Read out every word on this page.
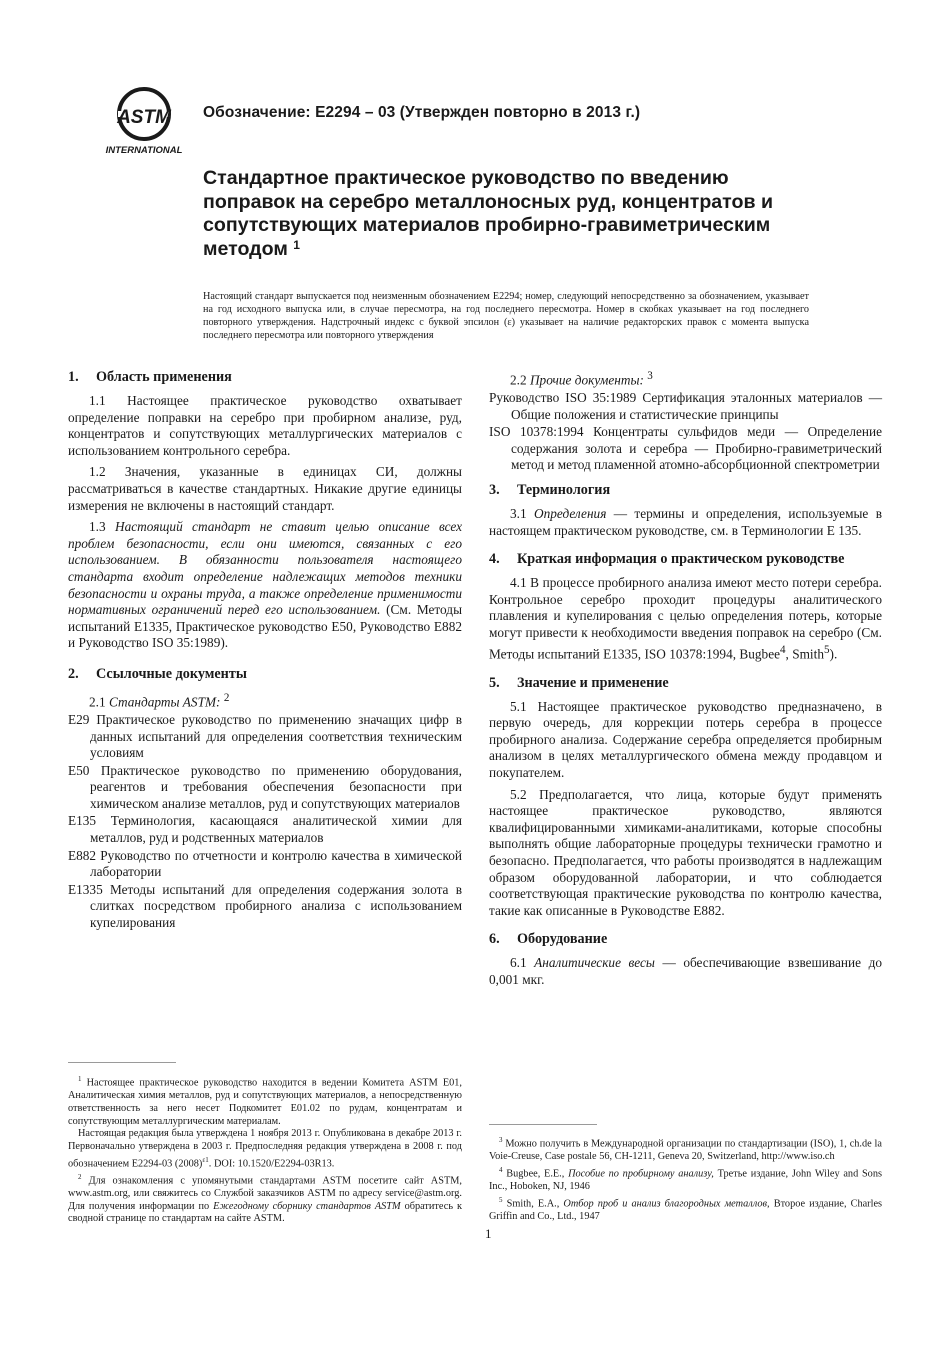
ASTM
INTERNATIONAL
Обозначение: E2294 – 03 (Утвержден повторно в 2013 г.)
Стандартное практическое руководство по введению поправок на серебро металлоносных руд, концентратов и сопутствующих материалов пробирно-гравиметрическим методом $^1$
Настоящий стандарт выпускается под неизменным обозначением E2294; номер, следующий непосредственно за обозначением, указывает на год исходного выпуска или, в случае пересмотра, на год последнего пересмотра. Номер в скобках указывает на год последнего повторного утверждения. Надстрочный индекс с буквой эпсилон (ε) указывает на наличие редакторских правок с момента выпуска последнего пересмотра или повторного утверждения
1.	Область применения

1.1 Настоящее практическое руководство охватывает определение поправки на серебро при пробирном анализе, руд, концентратов и сопутствующих металлургических материалов с использованием контрольного серебра.

1.2 Значения, указанные в единицах СИ, должны рассматриваться в качестве стандартных. Никакие другие единицы измерения не включены в настоящий стандарт.

1.3 Настоящий стандарт не ставит целью описание всех проблем безопасности, если они имеются, связанных с его использованием. В обязанности пользователя настоящего стандарта входит определение надлежащих методов техники безопасности и охраны труда, а также определение применимости нормативных ограничений перед его использованием. (См. Методы испытаний E1335, Практическое руководство E50, Руководство E882 и Руководство ISO 35:1989).

2.	Ссылочные документы

2.1 Стандарты ASTM: $^2$

E29 Практическое руководство по применению значащих цифр в данных испытаний для определения соответствия техническим условиям

E50 Практическое руководство по применению оборудования, реагентов и требования обеспечения безопасности при химическом анализе металлов, руд и сопутствующих материалов

E135 Терминология, касающаяся аналитической химии для металлов, руд и родственных материалов

E882 Руководство по отчетности и контролю качества в химической лаборатории

E1335 Методы испытаний для определения содержания золота в слитках посредством пробирного анализа с использованием купелирования

$^1$ Настоящее практическое руководство находится в ведении Комитета ASTM E01, Аналитическая химия металлов, руд и сопутствующих материалов, а непосредственную ответственность за него несет Подкомитет E01.02 по рудам, концентратам и сопутствующим металлургическим материалам.

Настоящая редакция была утверждена 1 ноября 2013 г. Опубликована в декабре 2013 г. Первоначально утверждена в 2003 г. Предпоследняя редакция утверждена в 2008 г. под обозначением E2294-03 $(2008)^{\varepsilon 1}$. DOI: 10.1520/E2294-03R13.

$^2$ Для ознакомления с упомянутыми стандартами ASTM посетите сайт ASTM, www.astm.org, или свяжитесь со Службой заказчиков ASTM по адресу service@astm.org. Для получения информации по Ежегодному сборнику стандартов ASTM обратитесь к сводной странице по стандартам на сайте ASTM.

2.2 Прочие документы: $^3$

Руководство ISO 35:1989 Сертификация эталонных материалов — Общие положения и статистические принципы

ISO 10378:1994 Концентраты сульфидов меди — Определение содержания золота и серебра — Пробирно-гравиметрический метод и метод пламенной атомно-абсорбционной спектрометрии

3.	Терминология

3.1 Определения — термины и определения, используемые в настоящем практическом руководстве, см. в Терминологии E 135.

4.	Краткая информация о практическом руководстве

4.1 В процессе пробирного анализа имеют место потери серебра. Контрольное серебро проходит процедуры аналитического плавления и купелирования с целью определения потерь, которые могут привести к необходимости введения поправок на серебро (См. Методы испытаний E1335, ISO 10378:1994, Bugbee$^4$, Smith$^5$).

5.	Значение и применение

5.1 Настоящее практическое руководство предназначено, в первую очередь, для коррекции потерь серебра в процессе пробирного анализа. Содержание серебра определяется пробирным анализом в целях металлургического обмена между продавцом и покупателем.

5.2 Предполагается, что лица, которые будут применять настоящее практическое руководство, являются квалифицированными химиками-аналитиками, которые способны выполнять общие лабораторные процедуры технически грамотно и безопасно. Предполагается, что работы производятся в надлежащим образом оборудованной лаборатории, и что соблюдается соответствующая практические руководства по контролю качества, такие как описанные в Руководстве E882.

6.	Оборудование

6.1 Аналитические весы — обеспечивающие взвешивание до 0,001 мкг.

$^3$ Можно получить в Международной организации по стандартизации (ISO), 1, ch.de la Voie-Creuse, Case postale 56, CH-1211, Geneva 20, Switzerland, http://www.iso.ch

$^4$ Bugbee, E.E., Пособие по пробирному анализу, Третье издание, John Wiley and Sons Inc., Hoboken, NJ, 1946

$^5$ Smith, E.A., Отбор проб и анализ благородных металлов, Второе издание, Charles Griffin and Co., Ltd., 1947

1
